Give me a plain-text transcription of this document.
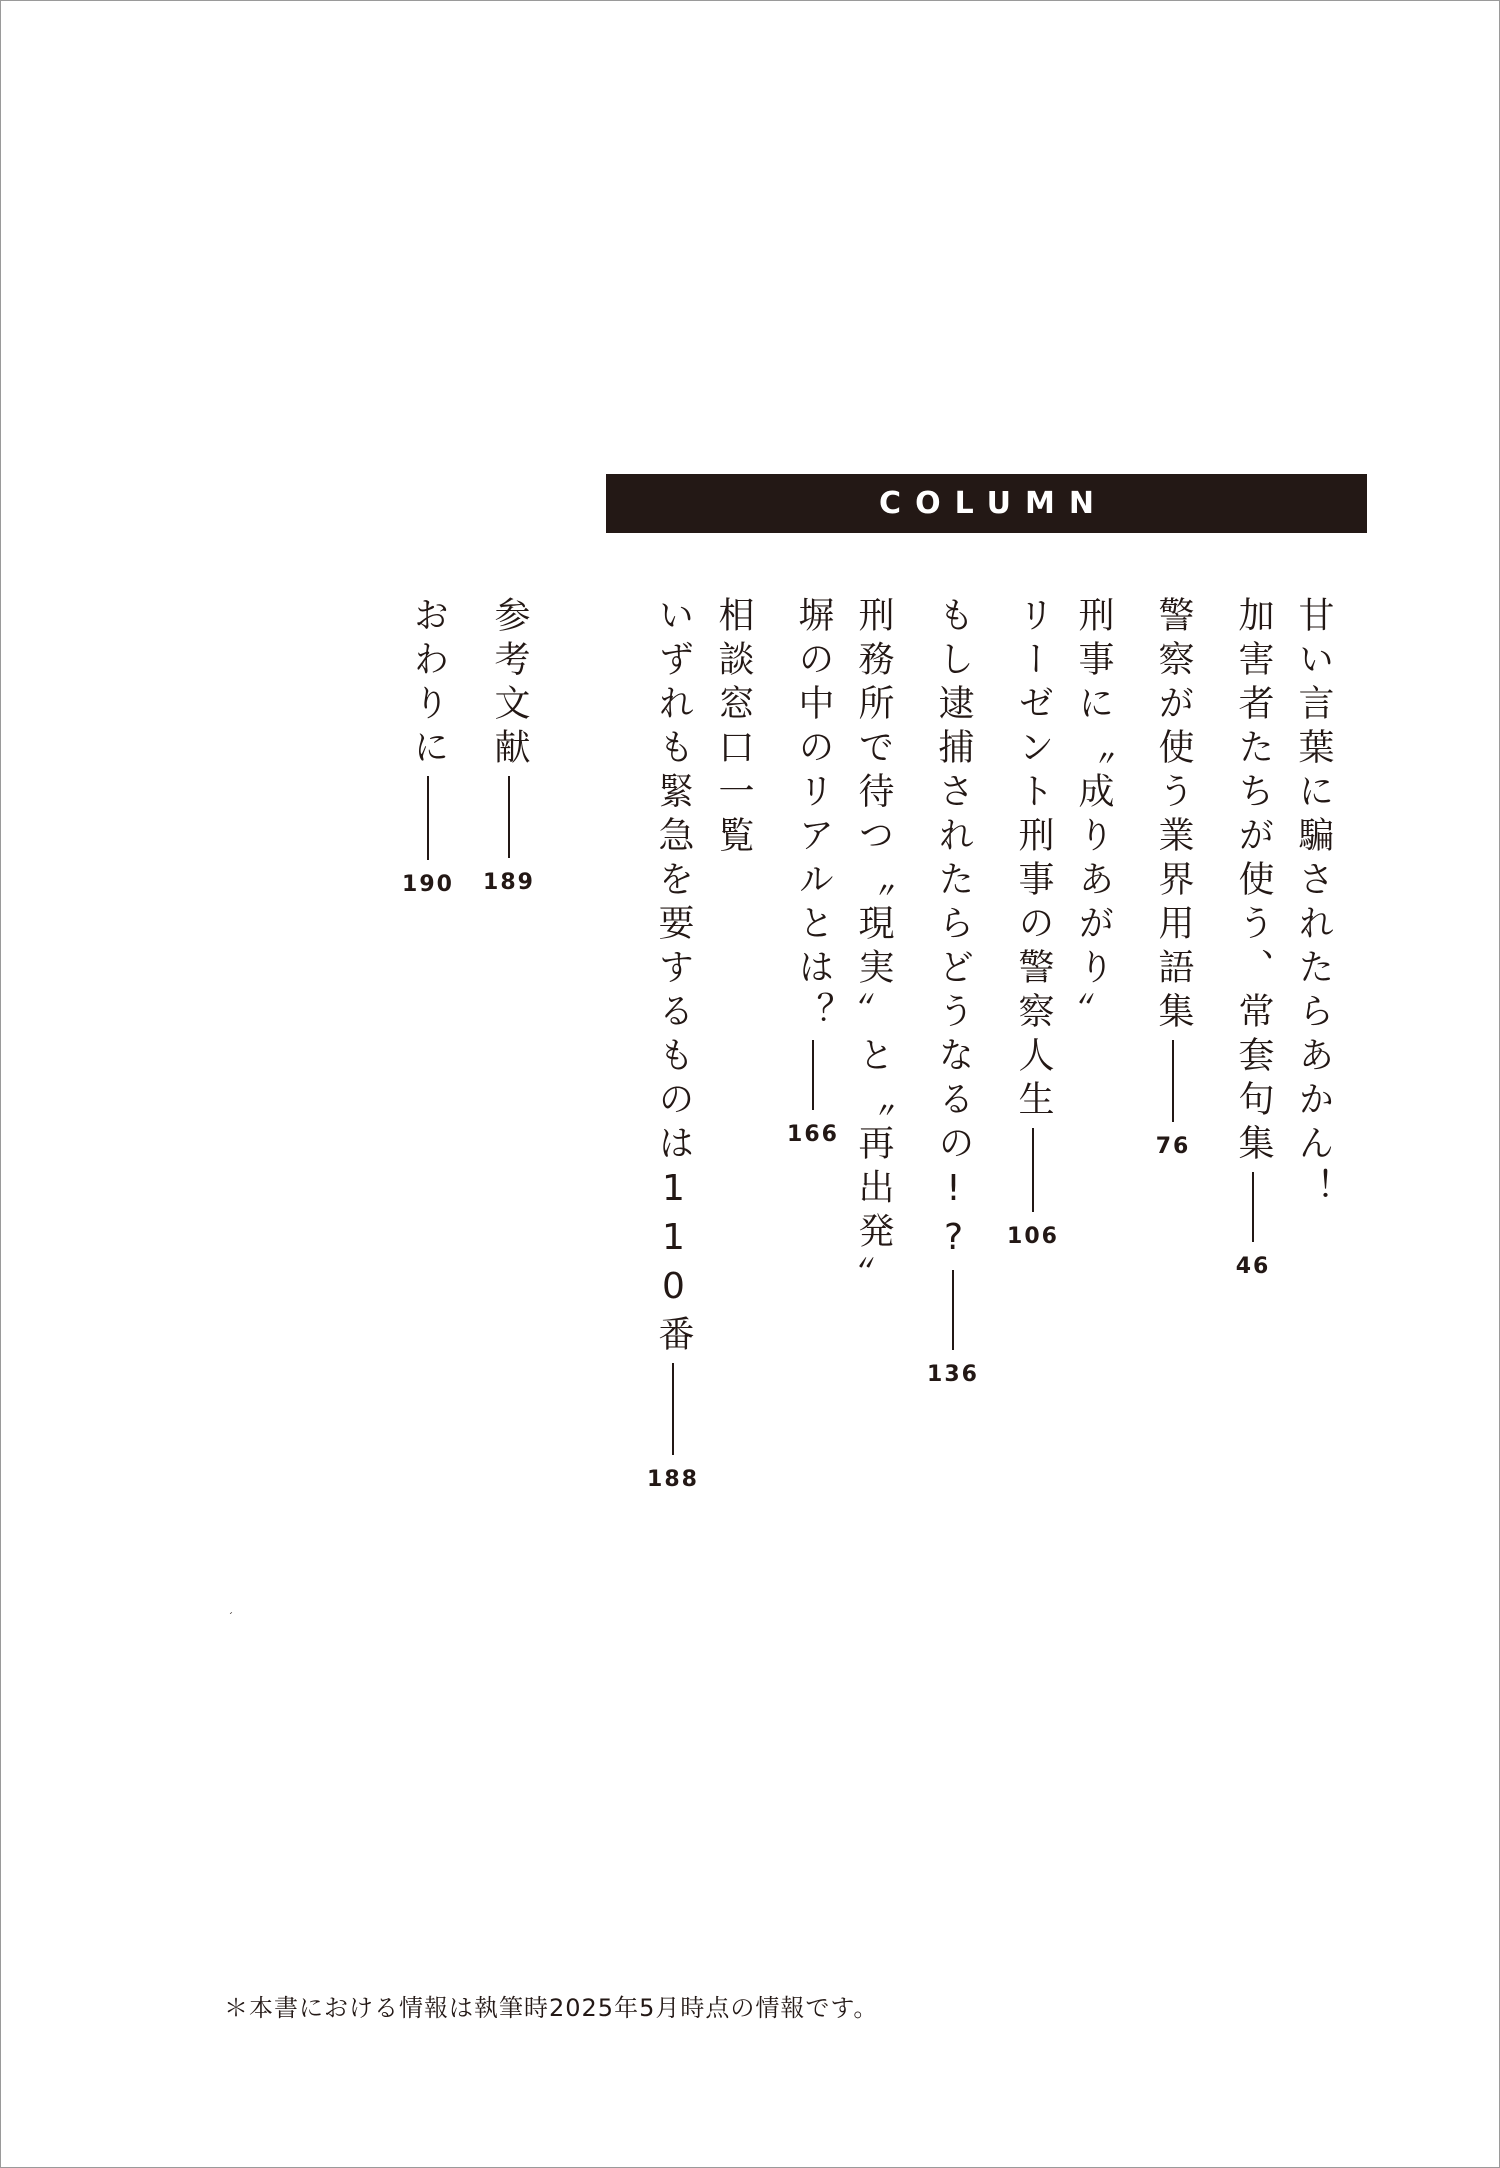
COLUMN
甘い言葉に騙されたらあかん！
加害者たちが使う、常套句集
46
警察が使う業界用語集
76
刑事に〝成りあがり〟
リーゼント刑事の警察人生
106
もし逮捕されたらどうなるの!?
136
刑務所で待つ〝現実〟と〝再出発〟
塀の中のリアルとは？
166
相談窓口一覧
いずれも緊急を要するものは110番
188
参考文献
189
おわりに
190
ˊ
＊本書における情報は執筆時2025年5月時点の情報です。
